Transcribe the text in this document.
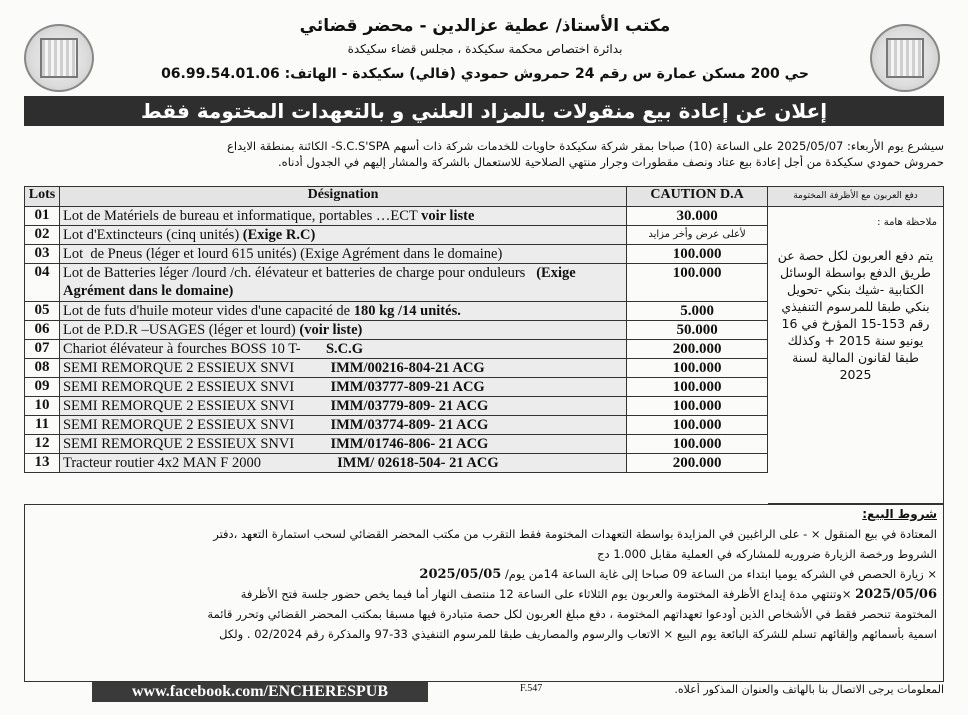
مكتب الأستاذ/ عطية عزالدين - محضر قضائي
بدائرة اختصاص محكمة سكيكدة ، مجلس قضاء سكيكدة
حي 200 مسكن عمارة س رقم 24 حمروش حمودي (فالي) سكيكدة - الهاتف: 06.99.54.01.06
إعلان عن إعادة بيع منقولات بالمزاد العلني و بالتعهدات المختومة فقط
سيشرع يوم الأربعاء: 2025/05/07 على الساعة (10) صباحا بمقر شركة سكيكدة حاويات للخدمات شركة ذات أسهم S.C.S'SPA- الكائنة بمنطقة الايداع
حمروش حمودي سكيكدة من أجل إعادة بيع عتاد ونصف مقطورات وجرار منتهي الصلاحية للاستعمال بالشركة والمشار إليهم في الجدول أدناه.
Lots	Désignation	CAUTION D.A
01	Lot de Matériels de bureau et informatique, portables …ECT voir liste	30.000
02	Lot d'Extincteurs (cinq unités) (Exige R.C)	لأعلى عرض وأخر مزايد
03	Lot  de Pneus (léger et lourd 615 unités) (Exige Agrément dans le domaine)	100.000
04	Lot de Batteries léger /lourd /ch. élévateur et batteries de charge pour onduleurs   (Exige Agrément dans le domaine)	100.000
05	Lot de futs d'huile moteur vides d'une capacité de 180 kg /14 unités.	5.000
06	Lot de P.D.R –USAGES (léger et lourd) (voir liste)	50.000
07	Chariot élévateur à fourches BOSS 10 T-       S.C.G	200.000
08	SEMI REMORQUE 2 ESSIEUX SNVI          IMM/00216-804-21 ACG	100.000
09	SEMI REMORQUE 2 ESSIEUX SNVI          IMM/03777-809-21 ACG	100.000
10	SEMI REMORQUE 2 ESSIEUX SNVI          IMM/03779-809- 21 ACG	100.000
11	SEMI REMORQUE 2 ESSIEUX SNVI          IMM/03774-809- 21 ACG	100.000
12	SEMI REMORQUE 2 ESSIEUX SNVI          IMM/01746-806- 21 ACG	100.000
13	Tracteur routier 4x2 MAN F 2000                     IMM/ 02618-504- 21 ACG	200.000
دفع العربون مع الأظرفة المختومة
ملاحظة هامة :
يتم دفع العربون لكل حصة عن طريق الدفع بواسطة الوسائل الكتابية -شيك بنكي -تحويل بنكي طبقا للمرسوم التنفيذي رقم 153-15 المؤرخ في 16 يونيو سنة 2015 + وكذلك طبقا لقانون المالية لسنة 2025
شروط البيع:
المعتادة في بيع المنقول × - على الراغبين في المزايدة بواسطة التعهدات المختومة فقط التقرب من مكتب المحضر القضائي لسحب استمارة التعهد ،دفتر
الشروط ورخصة الزيارة ضروريه للمشاركه في العملية مقابل 1.000 دج
× زيارة الحصص في الشركه يوميا ابتداء من الساعة 09 صباحا إلى غاية الساعة 14من يوم/ 2025/05/05
2025/05/06 ×وتنتهي مدة إيداع الأظرفة المختومة والعربون يوم الثلاثاء على الساعة 12 منتصف النهار أما فيما يخص حضور جلسة فتح الأظرفة
المختومة تنحصر فقط في الأشخاص الذين أودعوا تعهداتهم المختومة ، دفع مبلغ العربون لكل حصة متبادرة فيها مسبقا بمكتب المحضر القضائي وتحرر قائمة
اسمية بأسمائهم وإلقائهم تسلم للشركة البائعة يوم البيع × الاتعاب والرسوم والمصاريف طبقا للمرسوم التنفيذي 33-97 والمذكرة رقم 02/2024 . ولكل
www.facebook.com/ENCHERESPUB	F.547	المعلومات يرجى الاتصال بنا بالهاتف والعنوان المذكور أعلاه.
